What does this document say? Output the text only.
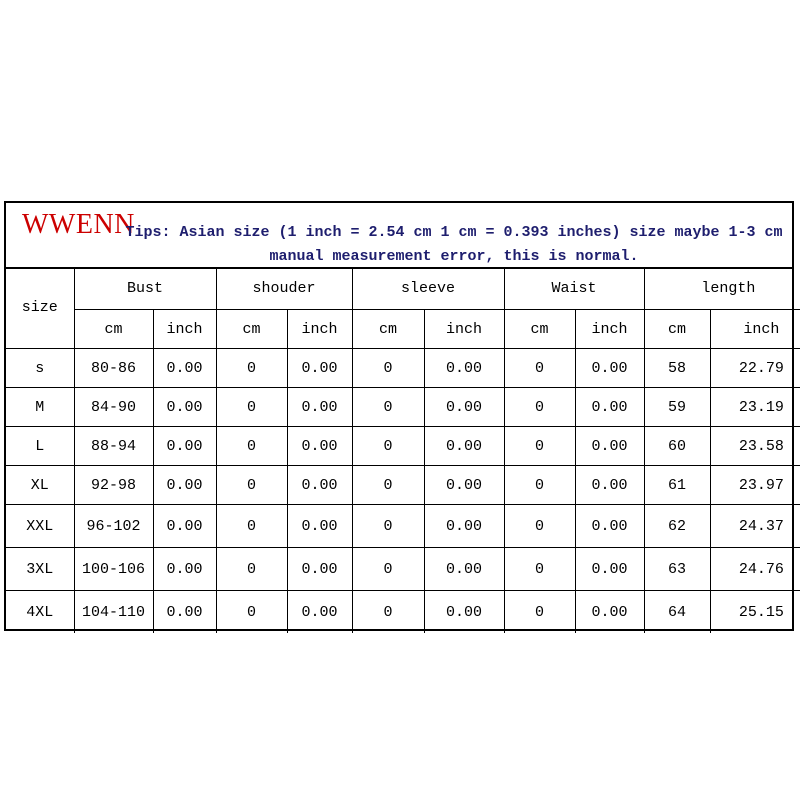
WWENN
Tips: Asian size (1 inch = 2.54 cm 1 cm = 0.393 inches) size maybe 1-3 cm
manual measurement error, this is normal.
size	Bust		shouder		sleeve		Waist		length	
	cm	inch	cm	inch	cm	inch	cm	inch	cm	inch
s	80-86	0.00	0	0.00	0	0.00	0	0.00	58	22.79
M	84-90	0.00	0	0.00	0	0.00	0	0.00	59	23.19
L	88-94	0.00	0	0.00	0	0.00	0	0.00	60	23.58
XL	92-98	0.00	0	0.00	0	0.00	0	0.00	61	23.97
XXL	96-102	0.00	0	0.00	0	0.00	0	0.00	62	24.37
3XL	100-106	0.00	0	0.00	0	0.00	0	0.00	63	24.76
4XL	104-110	0.00	0	0.00	0	0.00	0	0.00	64	25.15
